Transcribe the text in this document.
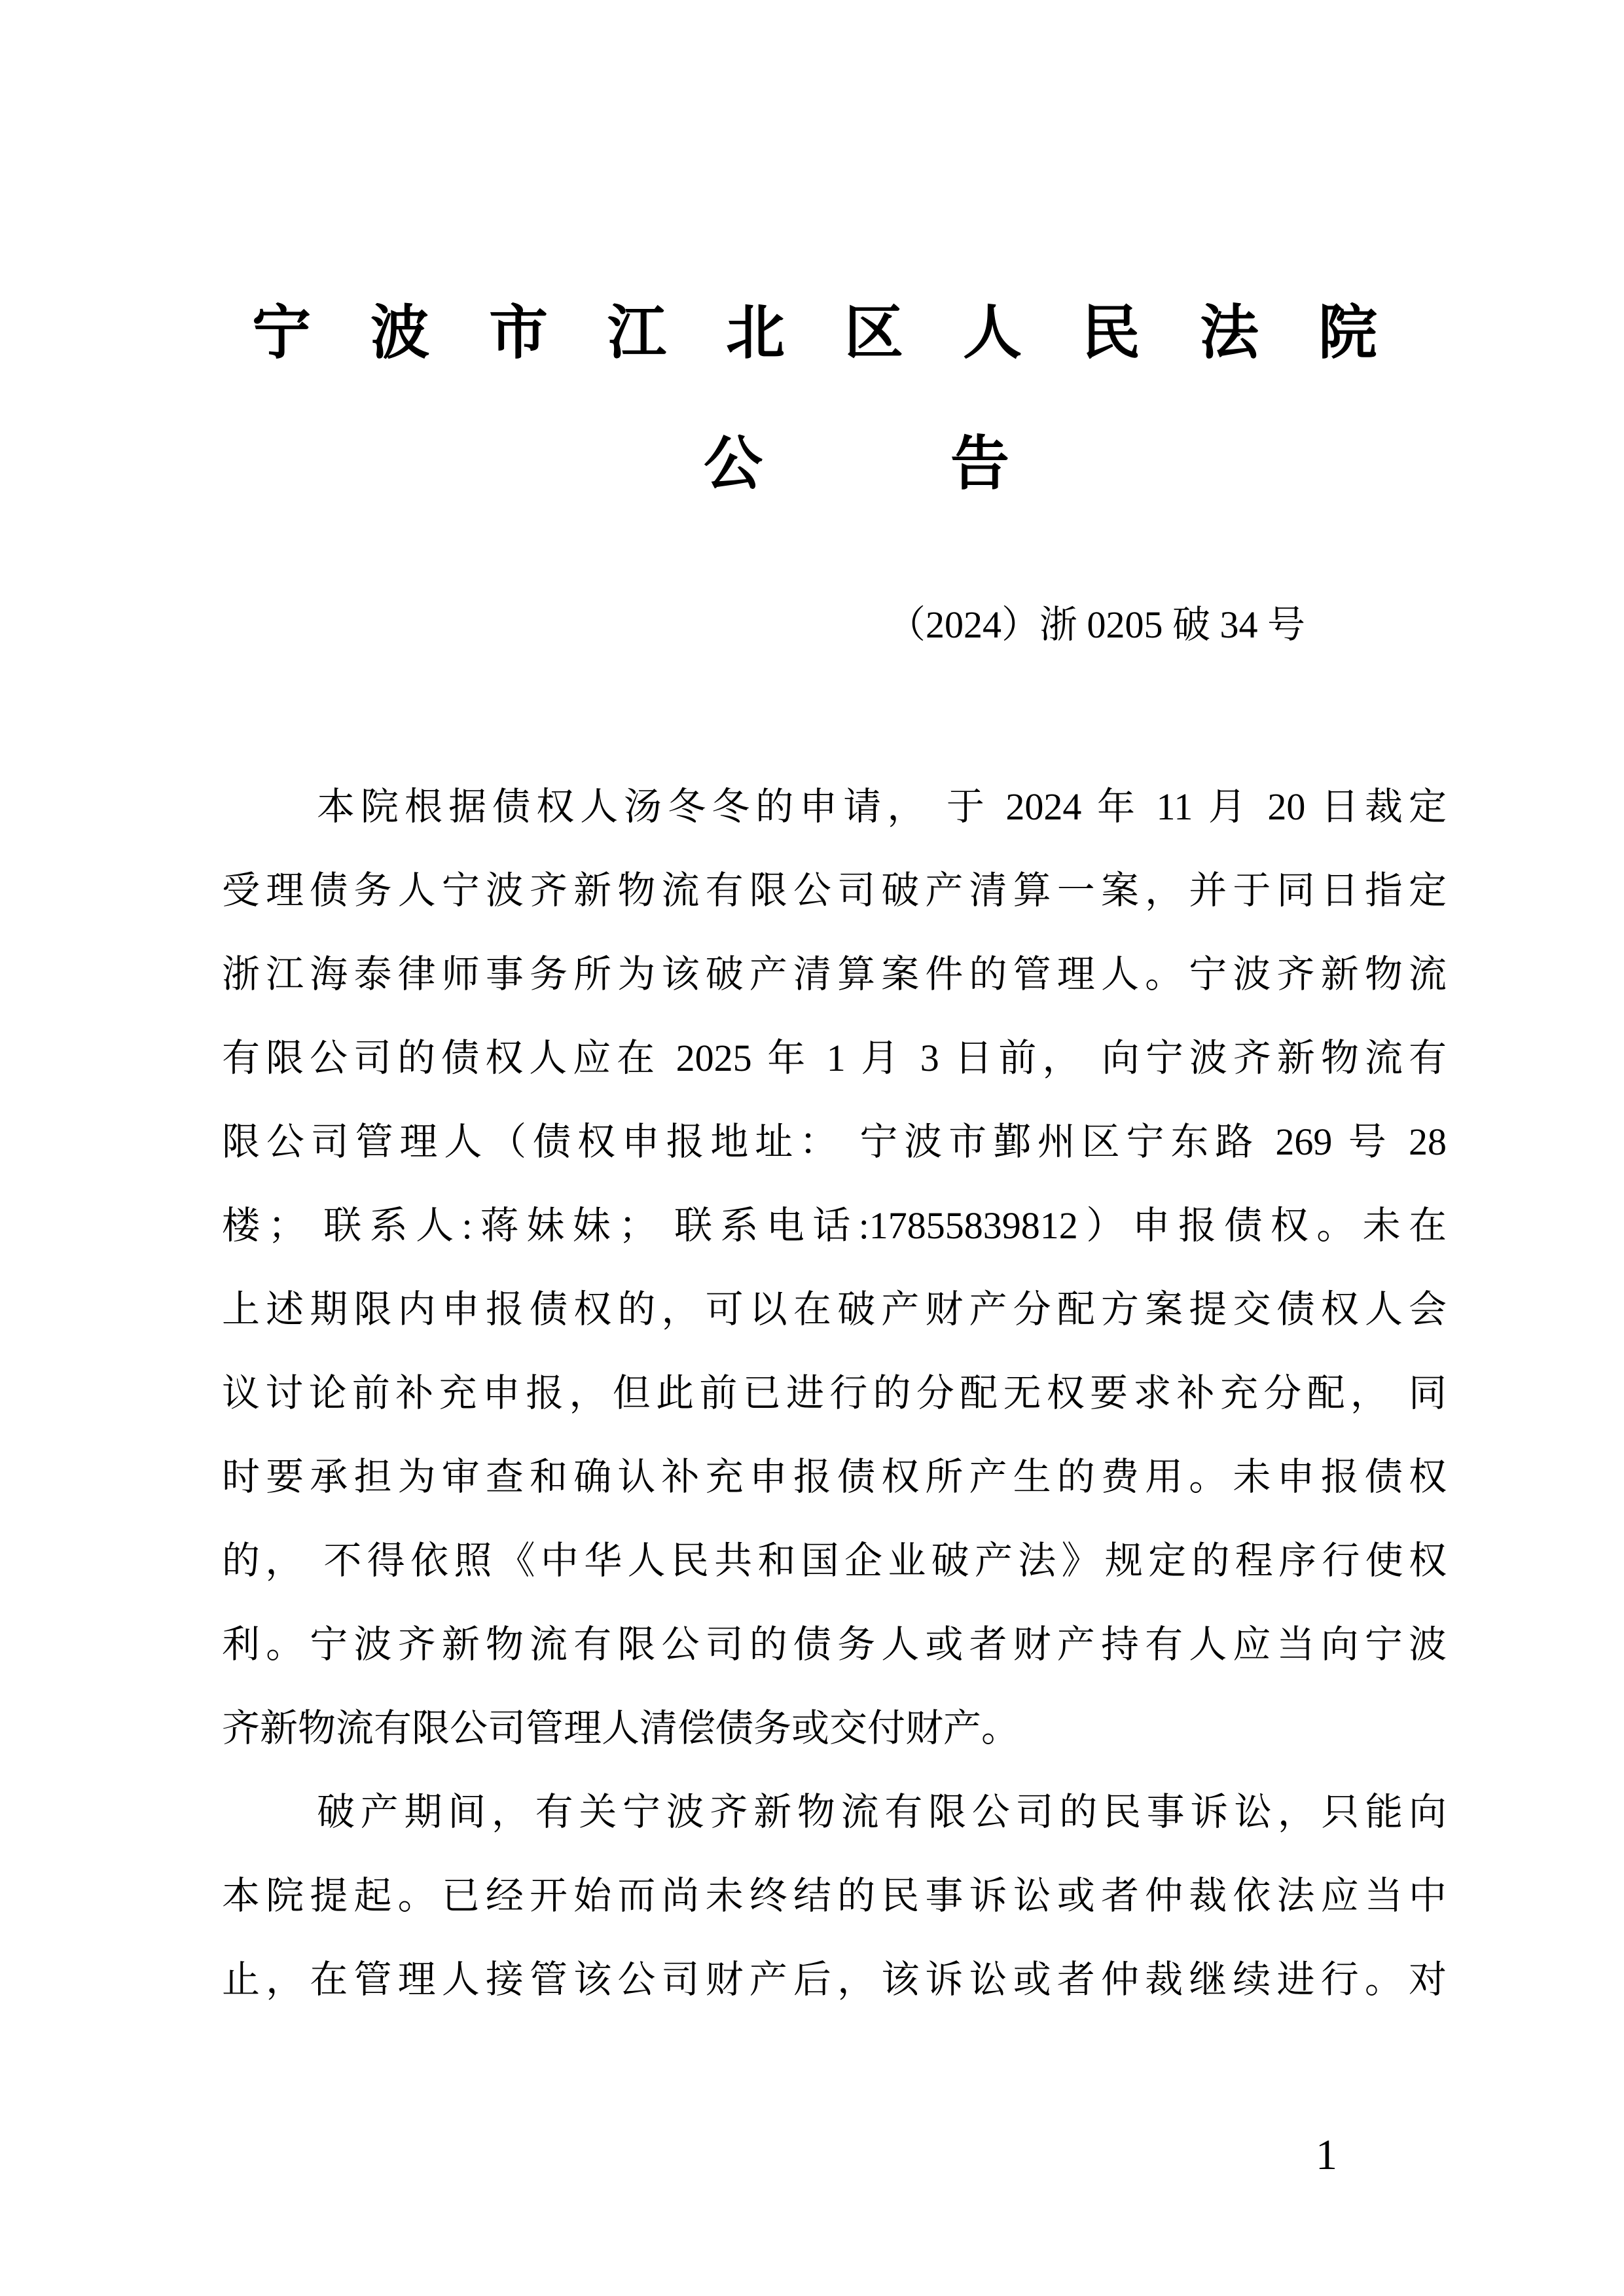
宁波市江北区人民法院
公告
（2024）浙 0205 破 34 号
本院根据债权人汤冬冬的申请， 于 2024 年 11 月 20 日裁定
受理债务人宁波齐新物流有限公司破产清算一案，并于同日指定
浙江海泰律师事务所为该破产清算案件的管理人。宁波齐新物流
有限公司的债权人应在 2025 年 1 月 3 日前， 向宁波齐新物流有
限公司管理人（债权申报地址： 宁波市鄞州区宁东路 269 号 28
楼； 联系人:蒋妹妹； 联系电话:17855839812）申报债权。未在
上述期限内申报债权的，可以在破产财产分配方案提交债权人会
议讨论前补充申报，但此前已进行的分配无权要求补充分配， 同
时要承担为审查和确认补充申报债权所产生的费用。未申报债权
的， 不得依照《中华人民共和国企业破产法》规定的程序行使权
利。宁波齐新物流有限公司的债务人或者财产持有人应当向宁波
齐新物流有限公司管理人清偿债务或交付财产。
破产期间，有关宁波齐新物流有限公司的民事诉讼，只能向
本院提起。已经开始而尚未终结的民事诉讼或者仲裁依法应当中
止，在管理人接管该公司财产后，该诉讼或者仲裁继续进行。对
1
